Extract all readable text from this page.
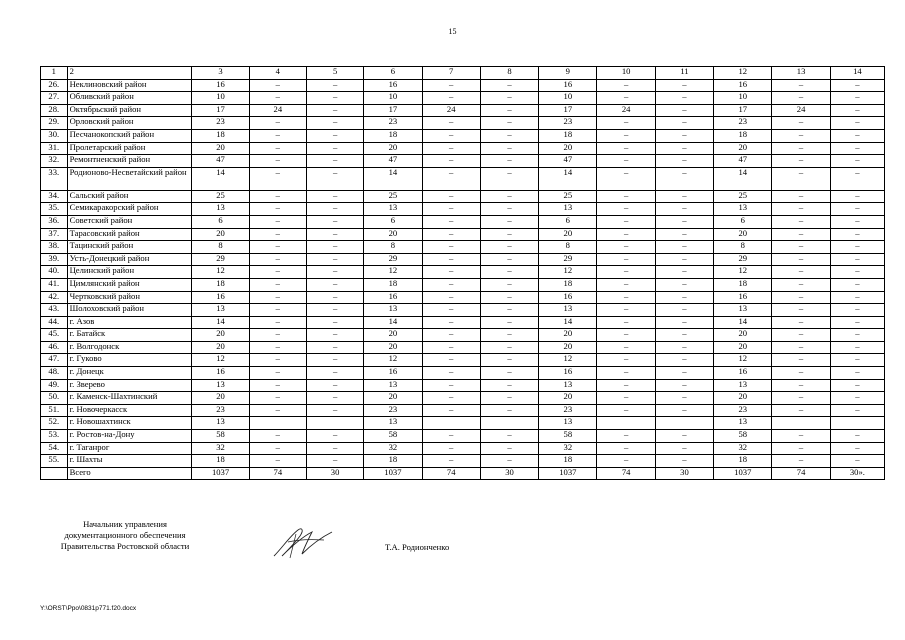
15
1	2	3	4	5	6	7	8	9	10	11	12	13	14
26.	Неклиновский район	16	–	–	16	–	–	16	–	–	16	–	–
27.	Обливский район	10	–	–	10	–	–	10	–	–	10	–	–
28.	Октябрьский район	17	24	–	17	24	–	17	24	–	17	24	–
29.	Орловский район	23	–	–	23	–	–	23	–	–	23	–	–
30.	Песчанокопский район	18	–	–	18	–	–	18	–	–	18	–	–
31.	Пролетарский район	20	–	–	20	–	–	20	–	–	20	–	–
32.	Ремонтненский район	47	–	–	47	–	–	47	–	–	47	–	–
33.	Родионово-Несветайский район	14	–	–	14	–	–	14	–	–	14	–	–
34.	Сальский район	25	–	–	25	–	–	25	–	–	25	–	–
35.	Семикаракорский район	13	–	–	13	–	–	13	–	–	13	–	–
36.	Советский район	6	–	–	6	–	–	6	–	–	6	–	–
37.	Тарасовский район	20	–	–	20	–	–	20	–	–	20	–	–
38.	Тацинский район	8	–	–	8	–	–	8	–	–	8	–	–
39.	Усть-Донецкий район	29	–	–	29	–	–	29	–	–	29	–	–
40.	Целинский район	12	–	–	12	–	–	12	–	–	12	–	–
41.	Цимлянский район	18	–	–	18	–	–	18	–	–	18	–	–
42.	Чертковский район	16	–	–	16	–	–	16	–	–	16	–	–
43.	Шолоховский район	13	–	–	13	–	–	13	–	–	13	–	–
44.	г. Азов	14	–	–	14	–	–	14	–	–	14	–	–
45.	г. Батайск	20	–	–	20	–	–	20	–	–	20	–	–
46.	г. Волгодонск	20	–	–	20	–	–	20	–	–	20	–	–
47.	г. Гуково	12	–	–	12	–	–	12	–	–	12	–	–
48.	г. Донецк	16	–	–	16	–	–	16	–	–	16	–	–
49.	г. Зверево	13	–	–	13	–	–	13	–	–	13	–	–
50.	г. Каменск-Шахтинский	20	–	–	20	–	–	20	–	–	20	–	–
51.	г. Новочеркасск	23	–	–	23	–	–	23	–	–	23	–	–
52.	г. Новошахтинск	13			13			13			13		
53.	г. Ростов-на-Дону	58	–	–	58	–	–	58	–	–	58	–	–
54.	г. Таганрог	32	–	–	32	–	–	32	–	–	32	–	–
55.	г. Шахты	18	–	–	18	–	–	18	–	–	18	–	–
	Всего	1037	74	30	1037	74	30	1037	74	30	1037	74	30».
Начальник управления
документационного обеспечения
Правительства Ростовской области	Т.А. Родионченко
Y:\ORST\Ppo\0831p771.f20.docx
